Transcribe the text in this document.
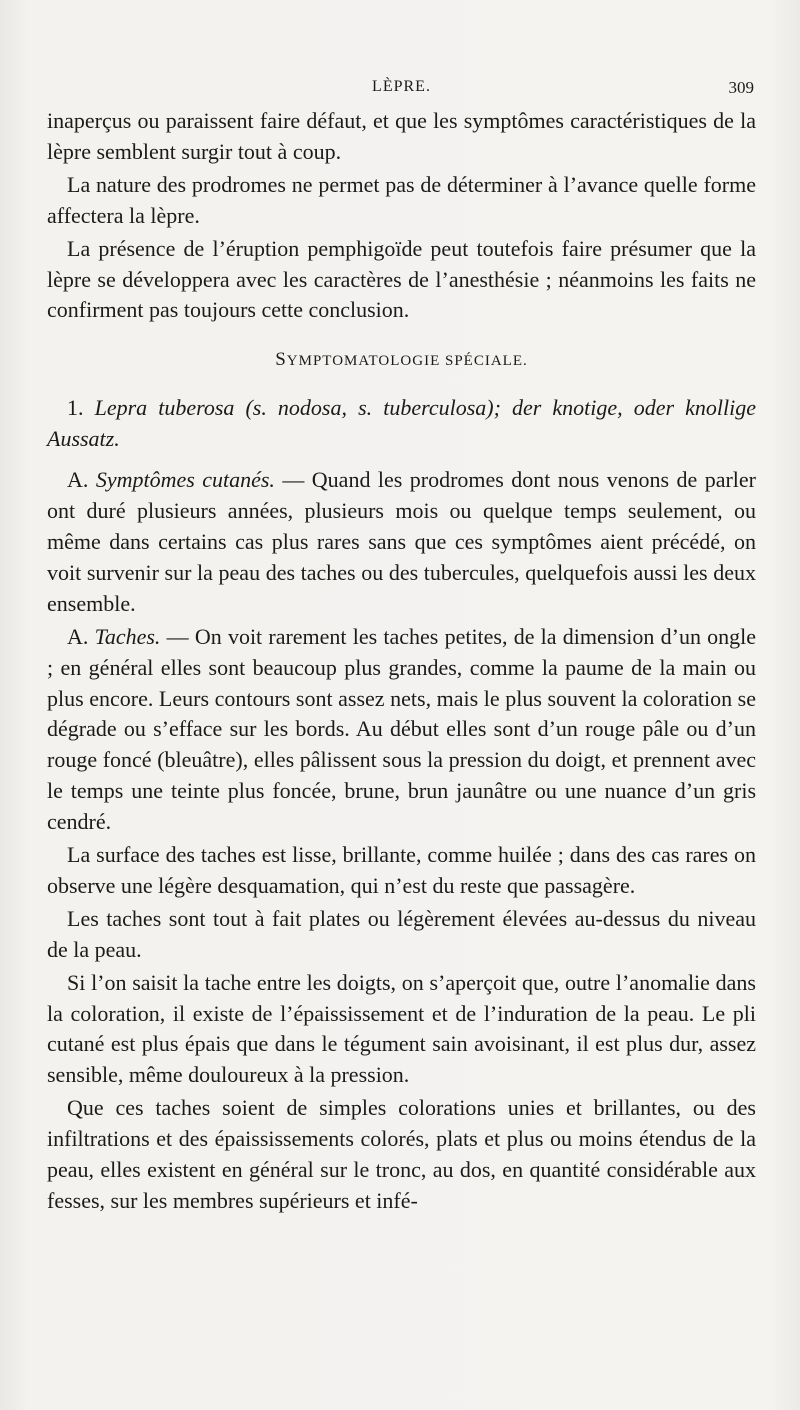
LÈPRE.	309

inaperçus ou paraissent faire défaut, et que les symptômes caractéristiques de la lèpre semblent surgir tout à coup.

La nature des prodromes ne permet pas de déterminer à l’avance quelle forme affectera la lèpre.

La présence de l’éruption pemphigoïde peut toutefois faire présumer que la lèpre se développera avec les caractères de l’anesthésie ; néanmoins les faits ne confirment pas toujours cette conclusion.

SYMPTOMATOLOGIE SPÉCIALE.
1. Lepra tuberosa (s. nodosa, s. tuberculosa); der knotige, oder knollige Aussatz.

A. Symptômes cutanés. — Quand les prodromes dont nous venons de parler ont duré plusieurs années, plusieurs mois ou quelque temps seulement, ou même dans certains cas plus rares sans que ces symptômes aient précédé, on voit survenir sur la peau des taches ou des tubercules, quelquefois aussi les deux ensemble.

A. Taches. — On voit rarement les taches petites, de la dimension d’un ongle ; en général elles sont beaucoup plus grandes, comme la paume de la main ou plus encore. Leurs contours sont assez nets, mais le plus souvent la coloration se dégrade ou s’efface sur les bords. Au début elles sont d’un rouge pâle ou d’un rouge foncé (bleuâtre), elles pâlissent sous la pression du doigt, et prennent avec le temps une teinte plus foncée, brune, brun jaunâtre ou une nuance d’un gris cendré.

La surface des taches est lisse, brillante, comme huilée ; dans des cas rares on observe une légère desquamation, qui n’est du reste que passagère.

Les taches sont tout à fait plates ou légèrement élevées au-dessus du niveau de la peau.

Si l’on saisit la tache entre les doigts, on s’aperçoit que, outre l’anomalie dans la coloration, il existe de l’épaississement et de l’induration de la peau. Le pli cutané est plus épais que dans le tégument sain avoisinant, il est plus dur, assez sensible, même douloureux à la pression.

Que ces taches soient de simples colorations unies et brillantes, ou des infiltrations et des épaississements colorés, plats et plus ou moins étendus de la peau, elles existent en général sur le tronc, au dos, en quantité considérable aux fesses, sur les membres supérieurs et infé-
